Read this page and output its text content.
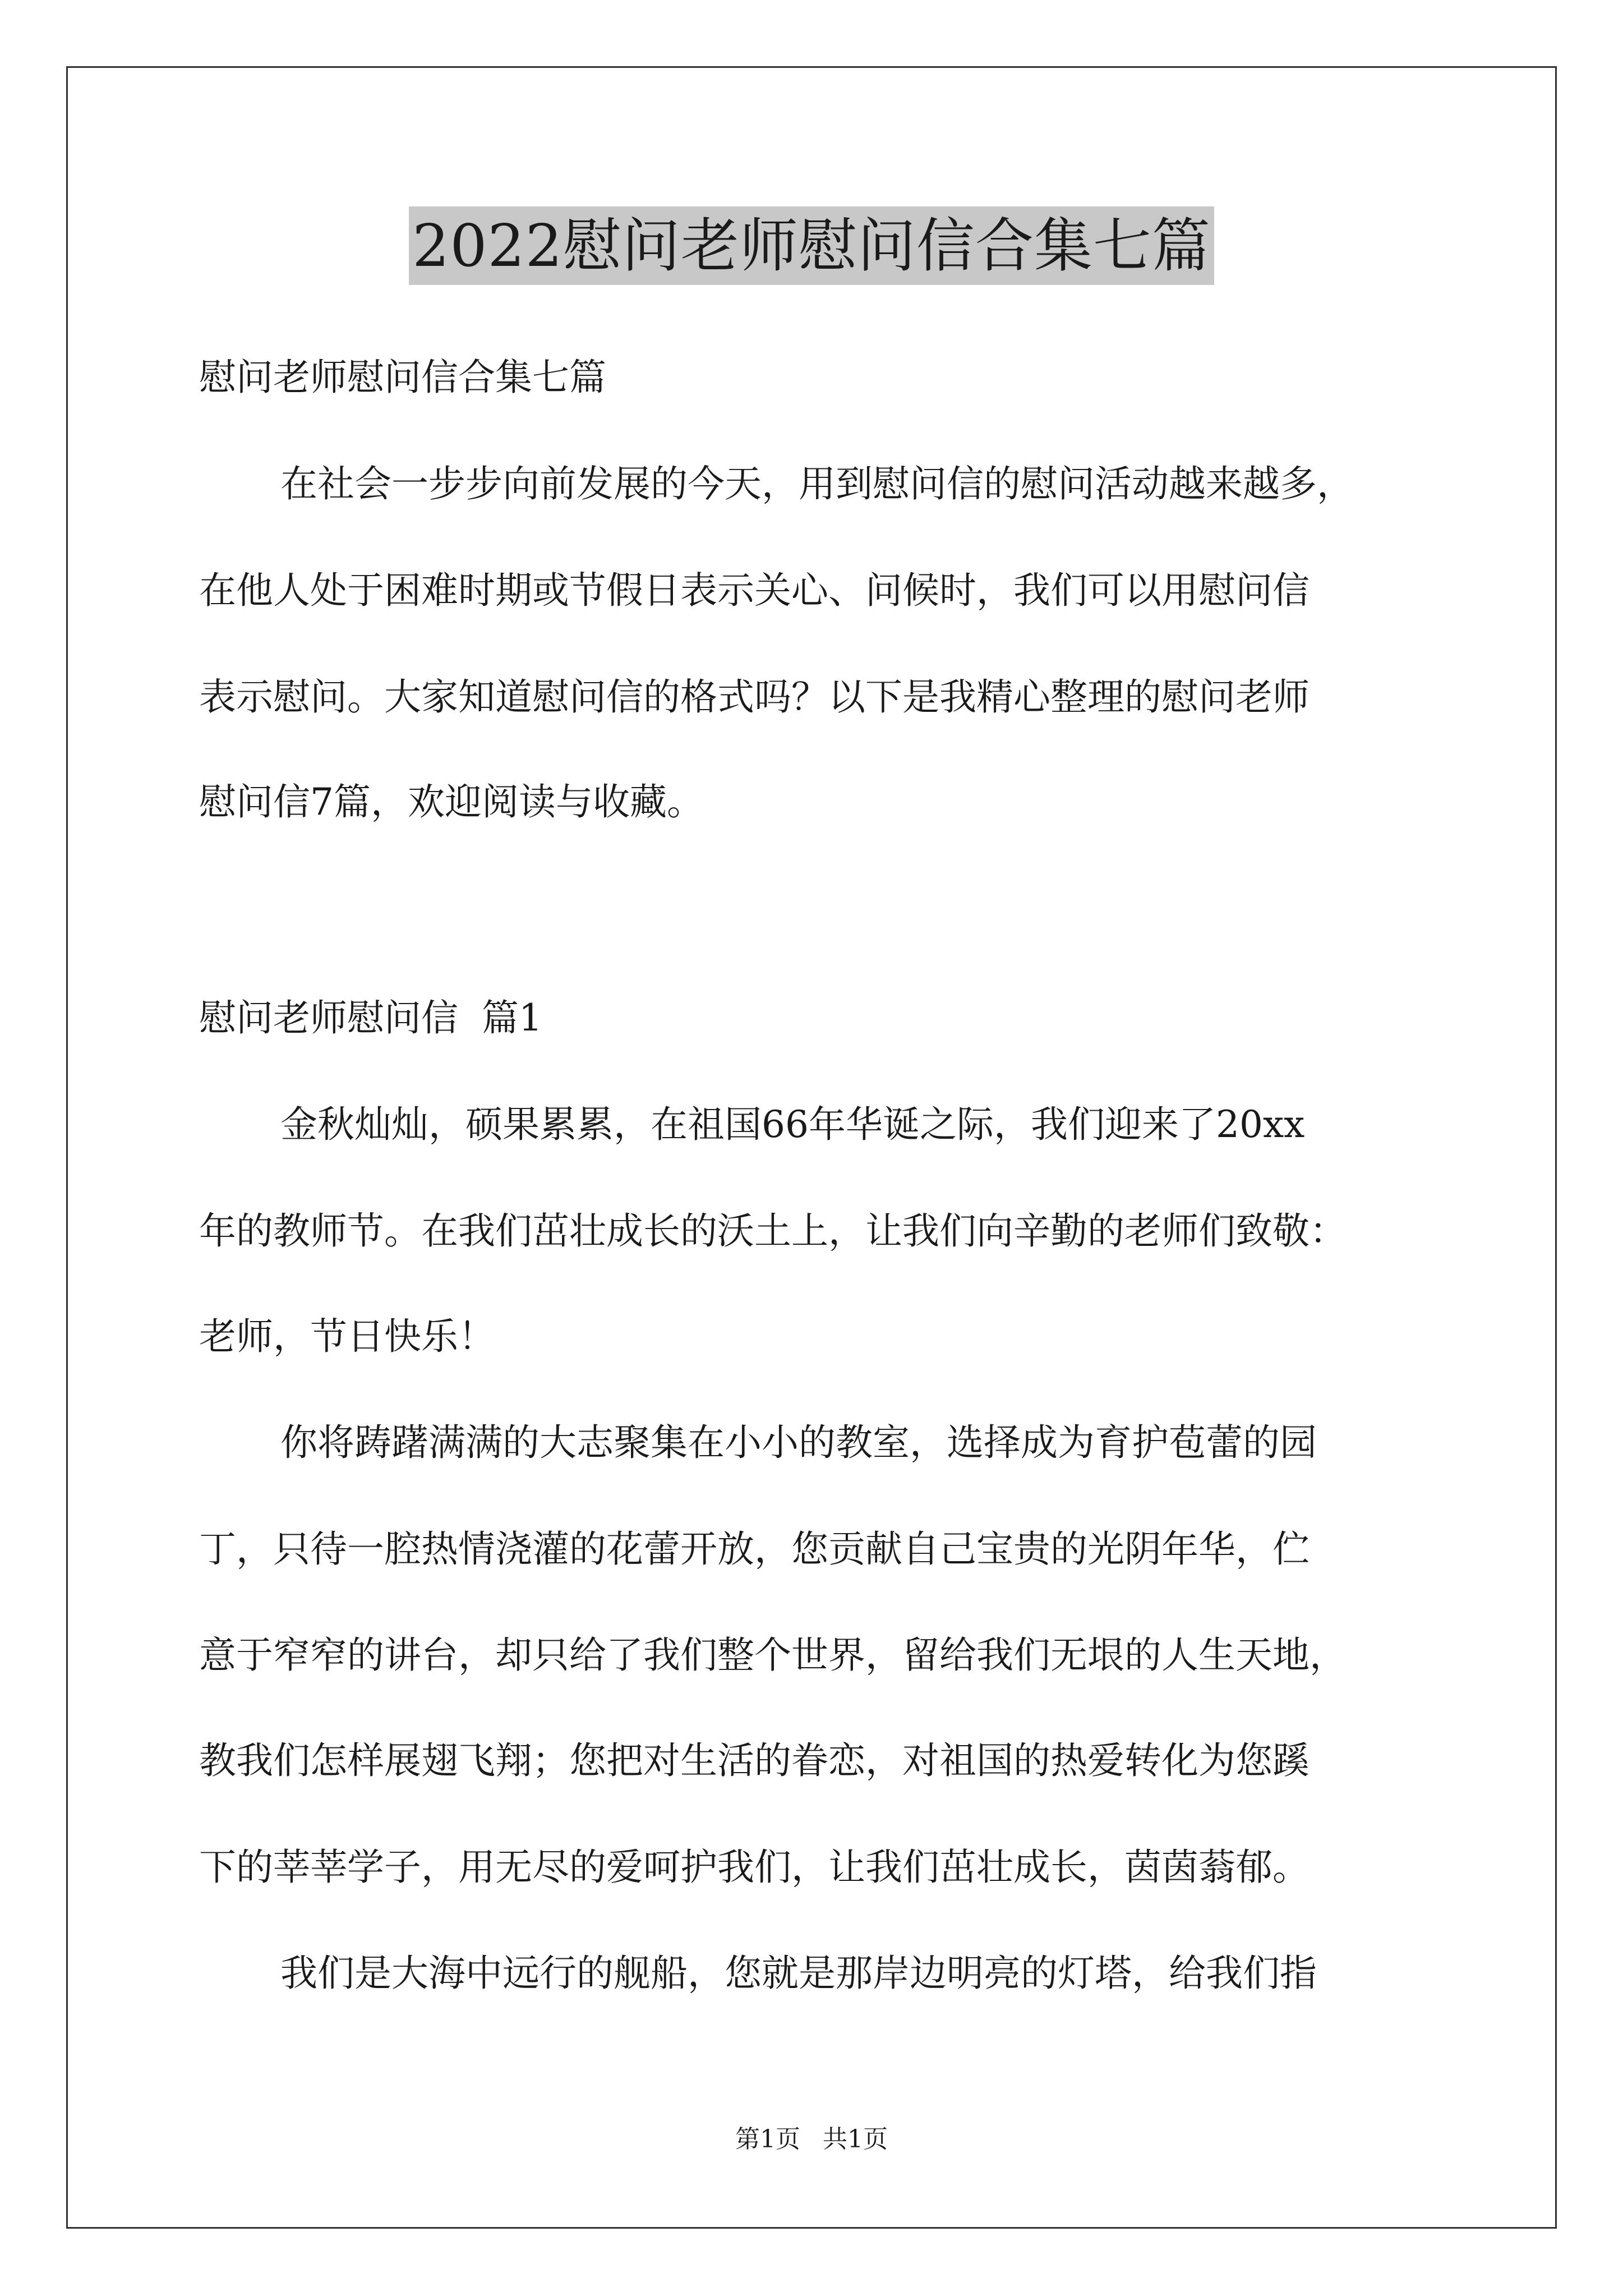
2022慰问老师慰问信合集七篇
慰问老师慰问信合集七篇
在社会一步步向前发展的今天，用到慰问信的慰问活动越来越多，
在他人处于困难时期或节假日表示关心、问候时，我们可以用慰问信
表示慰问。大家知道慰问信的格式吗？以下是我精心整理的慰问老师
慰问信7篇，欢迎阅读与收藏。
慰问老师慰问信  篇1
金秋灿灿，硕果累累，在祖国66年华诞之际，我们迎来了20xx
年的教师节。在我们茁壮成长的沃土上，让我们向辛勤的老师们致敬：
老师，节日快乐！
你将踌躇满满的大志聚集在小小的教室，选择成为育护苞蕾的园
丁，只待一腔热情浇灌的花蕾开放，您贡献自己宝贵的光阴年华，伫
意于窄窄的讲台，却只给了我们整个世界，留给我们无垠的人生天地，
教我们怎样展翅飞翔；您把对生活的眷恋，对祖国的热爱转化为您蹊
下的莘莘学子，用无尽的爱呵护我们，让我们茁壮成长，茵茵蓊郁。
我们是大海中远行的舰船，您就是那岸边明亮的灯塔，给我们指
第1页 共1页
